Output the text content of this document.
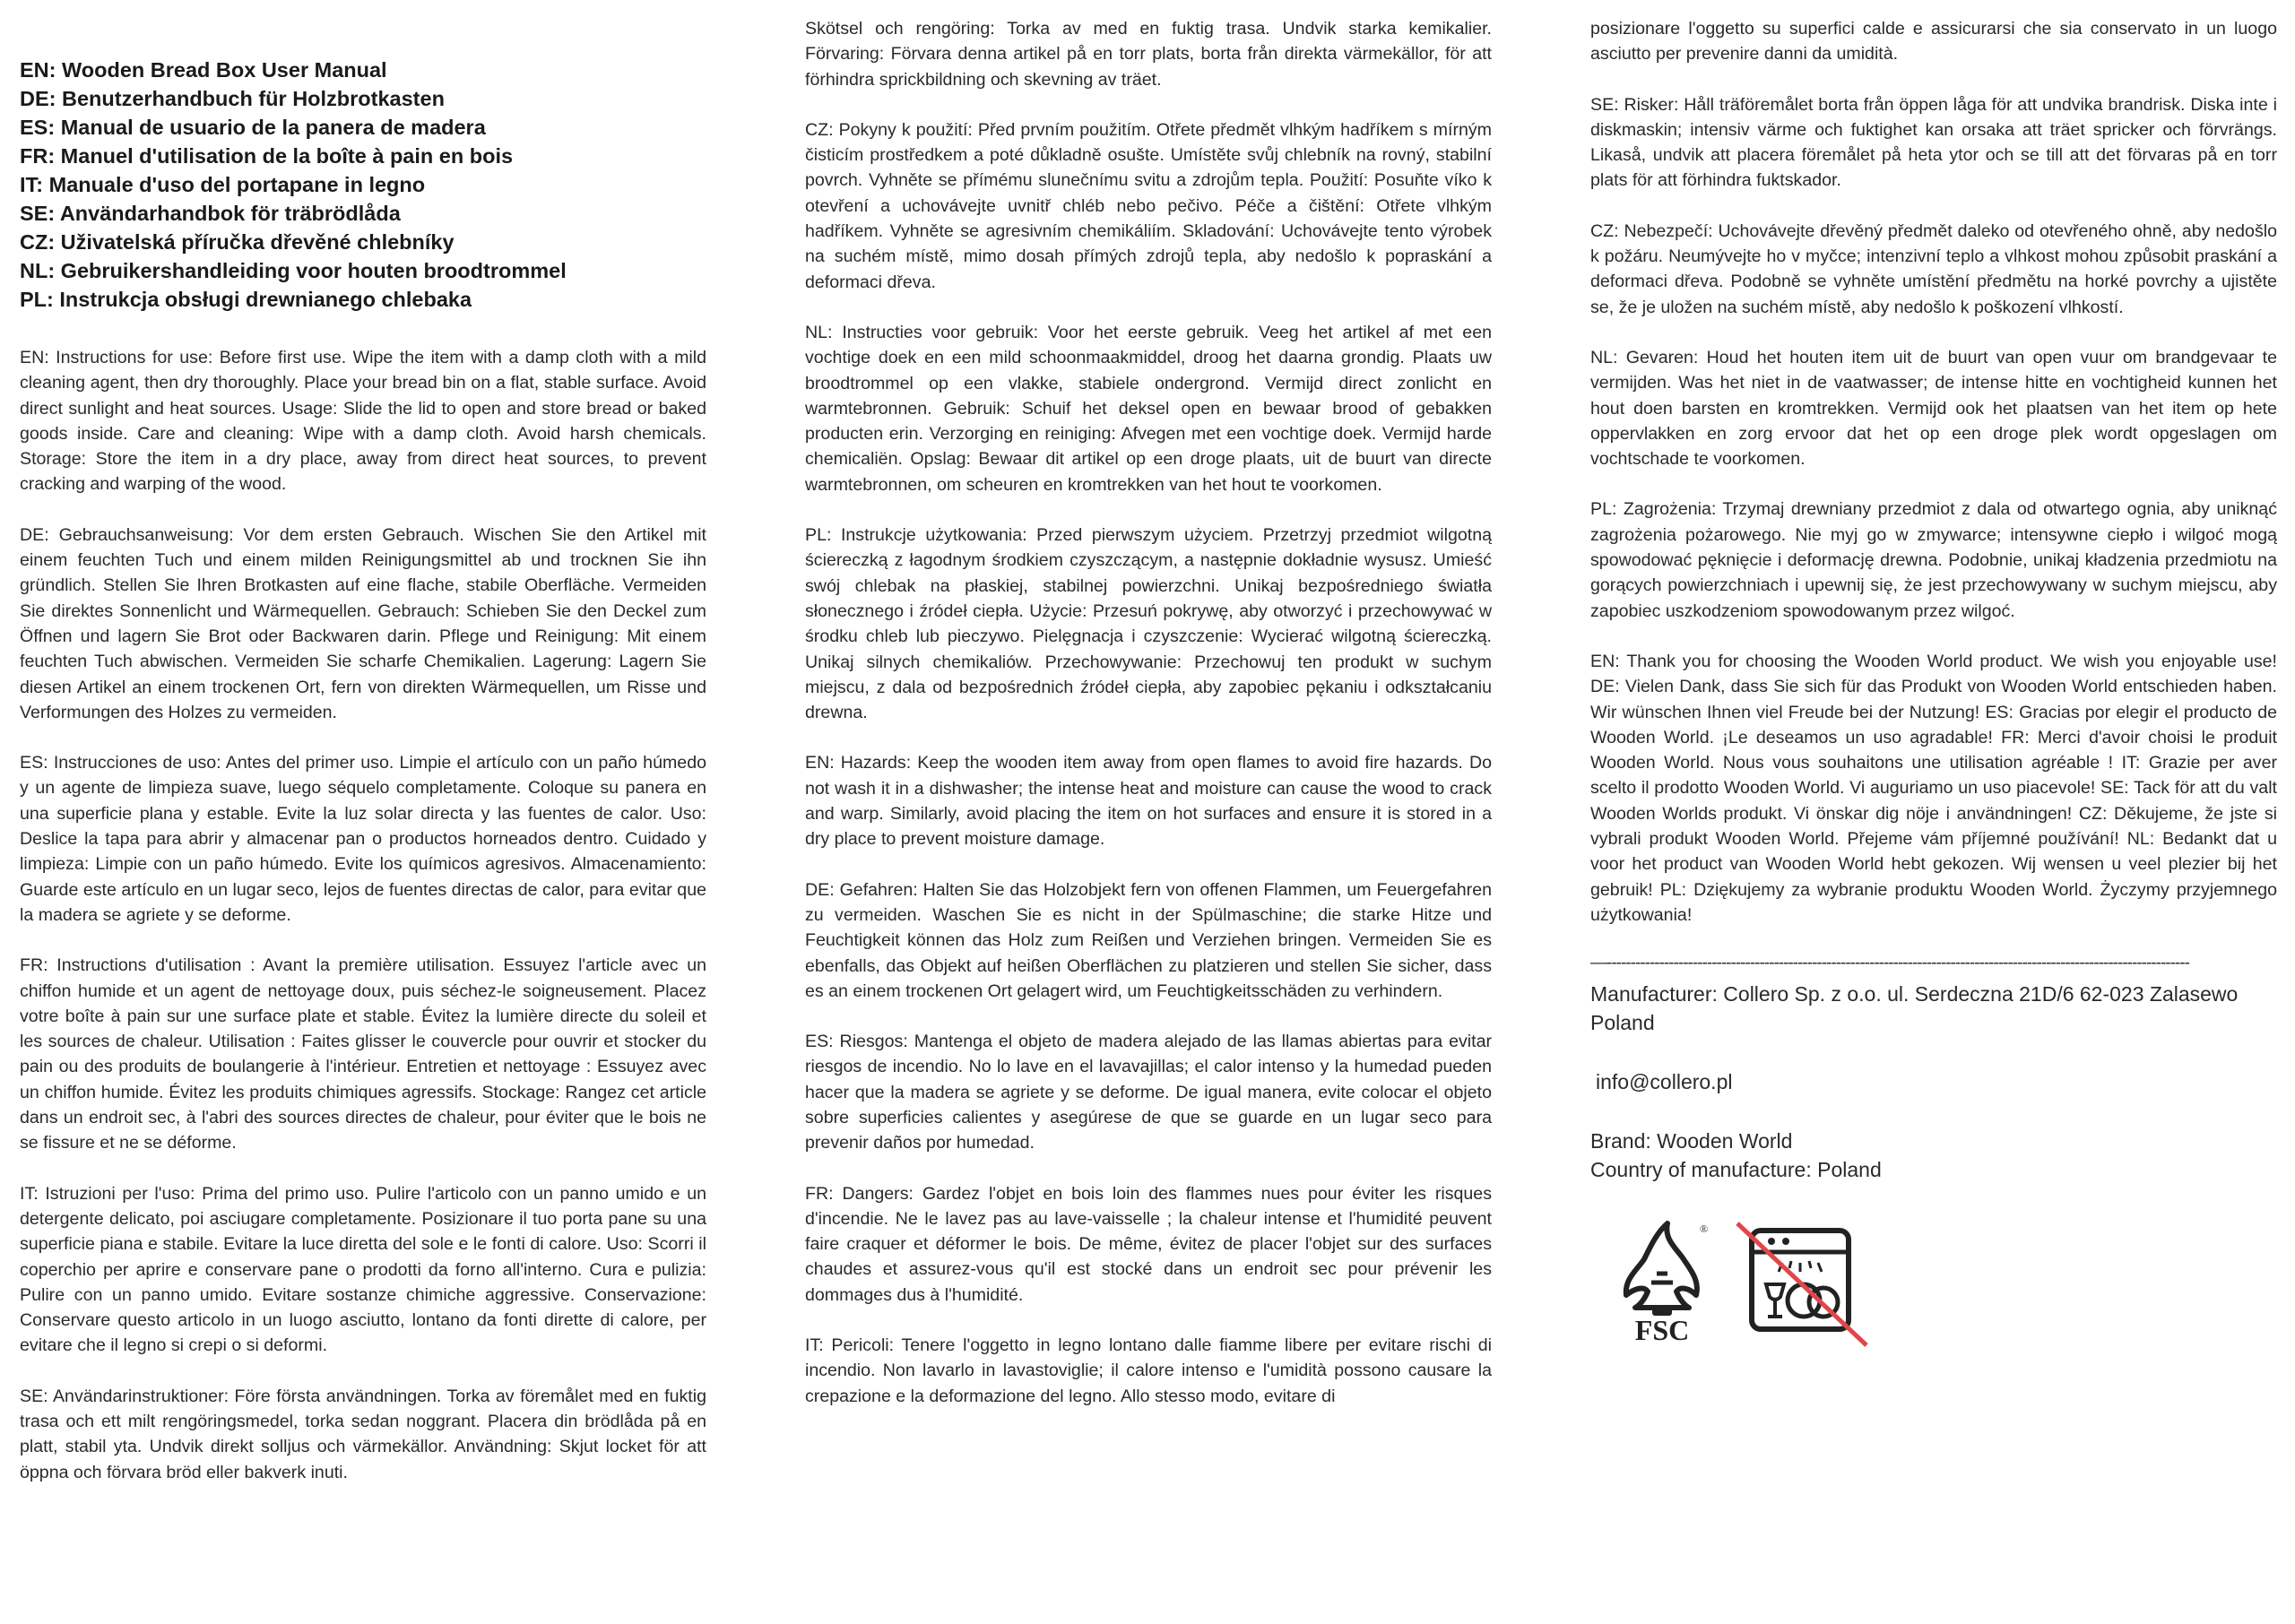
EN: Wooden Bread Box User Manual
DE: Benutzerhandbuch für Holzbrotkasten
ES: Manual de usuario de la panera de madera
FR: Manuel d'utilisation de la boîte à pain en bois
IT: Manuale d'uso del portapane in legno
SE: Användarhandbok för träbrödlåda
CZ: Uživatelská příručka dřevěné chlebníky
NL: Gebruikershandleiding voor houten broodtrommel
PL: Instrukcja obsługi drewnianego chlebaka

EN: Instructions for use: Before first use. Wipe the item with a damp cloth with a mild cleaning agent, then dry thoroughly. Place your bread bin on a flat, stable surface. Avoid direct sunlight and heat sources. Usage: Slide the lid to open and store bread or baked goods inside. Care and cleaning: Wipe with a damp cloth. Avoid harsh chemicals. Storage: Store the item in a dry place, away from direct heat sources, to prevent cracking and warping of the wood.

DE: Gebrauchsanweisung: Vor dem ersten Gebrauch. Wischen Sie den Artikel mit einem feuchten Tuch und einem milden Reinigungsmittel ab und trocknen Sie ihn gründlich. Stellen Sie Ihren Brotkasten auf eine flache, stabile Oberfläche. Vermeiden Sie direktes Sonnenlicht und Wärmequellen. Gebrauch: Schieben Sie den Deckel zum Öffnen und lagern Sie Brot oder Backwaren darin. Pflege und Reinigung: Mit einem feuchten Tuch abwischen. Vermeiden Sie scharfe Chemikalien. Lagerung: Lagern Sie diesen Artikel an einem trockenen Ort, fern von direkten Wärmequellen, um Risse und Verformungen des Holzes zu vermeiden.

ES: Instrucciones de uso: Antes del primer uso. Limpie el artículo con un paño húmedo y un agente de limpieza suave, luego séquelo completamente. Coloque su panera en una superficie plana y estable. Evite la luz solar directa y las fuentes de calor. Uso: Deslice la tapa para abrir y almacenar pan o productos horneados dentro. Cuidado y limpieza: Limpie con un paño húmedo. Evite los químicos agresivos. Almacenamiento: Guarde este artículo en un lugar seco, lejos de fuentes directas de calor, para evitar que la madera se agriete y se deforme.

FR: Instructions d'utilisation : Avant la première utilisation. Essuyez l'article avec un chiffon humide et un agent de nettoyage doux, puis séchez-le soigneusement. Placez votre boîte à pain sur une surface plate et stable. Évitez la lumière directe du soleil et les sources de chaleur. Utilisation : Faites glisser le couvercle pour ouvrir et stocker du pain ou des produits de boulangerie à l'intérieur. Entretien et nettoyage : Essuyez avec un chiffon humide. Évitez les produits chimiques agressifs. Stockage: Rangez cet article dans un endroit sec, à l'abri des sources directes de chaleur, pour éviter que le bois ne se fissure et ne se déforme.

IT: Istruzioni per l'uso: Prima del primo uso. Pulire l'articolo con un panno umido e un detergente delicato, poi asciugare completamente. Posizionare il tuo porta pane su una superficie piana e stabile. Evitare la luce diretta del sole e le fonti di calore. Uso: Scorri il coperchio per aprire e conservare pane o prodotti da forno all'interno. Cura e pulizia: Pulire con un panno umido. Evitare sostanze chimiche aggressive. Conservazione: Conservare questo articolo in un luogo asciutto, lontano da fonti dirette di calore, per evitare che il legno si crepi o si deformi.

SE: Användarinstruktioner: Före första användningen. Torka av föremålet med en fuktig trasa och ett milt rengöringsmedel, torka sedan noggrant. Placera din brödlåda på en platt, stabil yta. Undvik direkt solljus och värmekällor. Användning: Skjut locket för att öppna och förvara bröd eller bakverk inuti.

Skötsel och rengöring: Torka av med en fuktig trasa. Undvik starka kemikalier. Förvaring: Förvara denna artikel på en torr plats, borta från direkta värmekällor, för att förhindra sprickbildning och skevning av träet.

CZ: Pokyny k použití: Před prvním použitím. Otřete předmět vlhkým hadříkem s mírným čisticím prostředkem a poté důkladně osušte. Umístěte svůj chlebník na rovný, stabilní povrch. Vyhněte se přímému slunečnímu svitu a zdrojům tepla. Použití: Posuňte víko k otevření a uchovávejte uvnitř chléb nebo pečivo. Péče a čištění: Otřete vlhkým hadříkem. Vyhněte se agresivním chemikáliím. Skladování: Uchovávejte tento výrobek na suchém místě, mimo dosah přímých zdrojů tepla, aby nedošlo k popraskání a deformaci dřeva.

NL: Instructies voor gebruik: Voor het eerste gebruik. Veeg het artikel af met een vochtige doek en een mild schoonmaakmiddel, droog het daarna grondig. Plaats uw broodtrommel op een vlakke, stabiele ondergrond. Vermijd direct zonlicht en warmtebronnen. Gebruik: Schuif het deksel open en bewaar brood of gebakken producten erin. Verzorging en reiniging: Afvegen met een vochtige doek. Vermijd harde chemicaliën. Opslag: Bewaar dit artikel op een droge plaats, uit de buurt van directe warmtebronnen, om scheuren en kromtrekken van het hout te voorkomen.

PL: Instrukcje użytkowania: Przed pierwszym użyciem. Przetrzyj przedmiot wilgotną ściereczką z łagodnym środkiem czyszczącym, a następnie dokładnie wysusz. Umieść swój chlebak na płaskiej, stabilnej powierzchni. Unikaj bezpośredniego światła słonecznego i źródeł ciepła. Użycie: Przesuń pokrywę, aby otworzyć i przechowywać w środku chleb lub pieczywo. Pielęgnacja i czyszczenie: Wycierać wilgotną ściereczką. Unikaj silnych chemikaliów. Przechowywanie: Przechowuj ten produkt w suchym miejscu, z dala od bezpośrednich źródeł ciepła, aby zapobiec pękaniu i odkształcaniu drewna.

EN: Hazards: Keep the wooden item away from open flames to avoid fire hazards. Do not wash it in a dishwasher; the intense heat and moisture can cause the wood to crack and warp. Similarly, avoid placing the item on hot surfaces and ensure it is stored in a dry place to prevent moisture damage.

DE: Gefahren: Halten Sie das Holzobjekt fern von offenen Flammen, um Feuergefahren zu vermeiden. Waschen Sie es nicht in der Spülmaschine; die starke Hitze und Feuchtigkeit können das Holz zum Reißen und Verziehen bringen. Vermeiden Sie es ebenfalls, das Objekt auf heißen Oberflächen zu platzieren und stellen Sie sicher, dass es an einem trockenen Ort gelagert wird, um Feuchtigkeitsschäden zu verhindern.

ES: Riesgos: Mantenga el objeto de madera alejado de las llamas abiertas para evitar riesgos de incendio. No lo lave en el lavavajillas; el calor intenso y la humedad pueden hacer que la madera se agriete y se deforme. De igual manera, evite colocar el objeto sobre superficies calientes y asegúrese de que se guarde en un lugar seco para prevenir daños por humedad.

FR: Dangers: Gardez l'objet en bois loin des flammes nues pour éviter les risques d'incendie. Ne le lavez pas au lave-vaisselle ; la chaleur intense et l'humidité peuvent faire craquer et déformer le bois. De même, évitez de placer l'objet sur des surfaces chaudes et assurez-vous qu'il est stocké dans un endroit sec pour prévenir les dommages dus à l'humidité.

IT: Pericoli: Tenere l'oggetto in legno lontano dalle fiamme libere per evitare rischi di incendio. Non lavarlo in lavastoviglie; il calore intenso e l'umidità possono causare la crepazione e la deformazione del legno. Allo stesso modo, evitare di

posizionare l'oggetto su superfici calde e assicurarsi che sia conservato in un luogo asciutto per prevenire danni da umidità.

SE: Risker: Håll träföremålet borta från öppen låga för att undvika brandrisk. Diska inte i diskmaskin; intensiv värme och fuktighet kan orsaka att träet spricker och förvrängs. Likaså, undvik att placera föremålet på heta ytor och se till att det förvaras på en torr plats för att förhindra fuktskador.

CZ: Nebezpečí: Uchovávejte dřevěný předmět daleko od otevřeného ohně, aby nedošlo k požáru. Neumývejte ho v myčce; intenzivní teplo a vlhkost mohou způsobit praskání a deformaci dřeva. Podobně se vyhněte umístění předmětu na horké povrchy a ujistěte se, že je uložen na suchém místě, aby nedošlo k poškození vlhkostí.

NL: Gevaren: Houd het houten item uit de buurt van open vuur om brandgevaar te vermijden. Was het niet in de vaatwasser; de intense hitte en vochtigheid kunnen het hout doen barsten en kromtrekken. Vermijd ook het plaatsen van het item op hete oppervlakken en zorg ervoor dat het op een droge plek wordt opgeslagen om vochtschade te voorkomen.

PL: Zagrożenia: Trzymaj drewniany przedmiot z dala od otwartego ognia, aby uniknąć zagrożenia pożarowego. Nie myj go w zmywarce; intensywne ciepło i wilgoć mogą spowodować pęknięcie i deformację drewna. Podobnie, unikaj kładzenia przedmiotu na gorących powierzchniach i upewnij się, że jest przechowywany w suchym miejscu, aby zapobiec uszkodzeniom spowodowanym przez wilgoć.

EN: Thank you for choosing the Wooden World product. We wish you enjoyable use! DE: Vielen Dank, dass Sie sich für das Produkt von Wooden World entschieden haben. Wir wünschen Ihnen viel Freude bei der Nutzung! ES: Gracias por elegir el producto de Wooden World. ¡Le deseamos un uso agradable! FR: Merci d'avoir choisi le produit Wooden World. Nous vous souhaitons une utilisation agréable ! IT: Grazie per aver scelto il prodotto Wooden World. Vi auguriamo un uso piacevole! SE: Tack för att du valt Wooden Worlds produkt. Vi önskar dig nöje i användningen! CZ: Děkujeme, že jste si vybrali produkt Wooden World. Přejeme vám příjemné používání! NL: Bedankt dat u voor het product van Wooden World hebt gekozen. Wij wensen u veel plezier bij het gebruik! PL: Dziękujemy za wybranie produktu Wooden World. Życzymy przyjemnego użytkowania!

—--------------------------------------------------------------------------------------------------------------------------

Manufacturer: Collero Sp. z o.o. ul. Serdeczna 21D/6 62-023 Zalasewo Poland

info@collero.pl

Brand: Wooden World

Country of manufacture: Poland

®
FSC
